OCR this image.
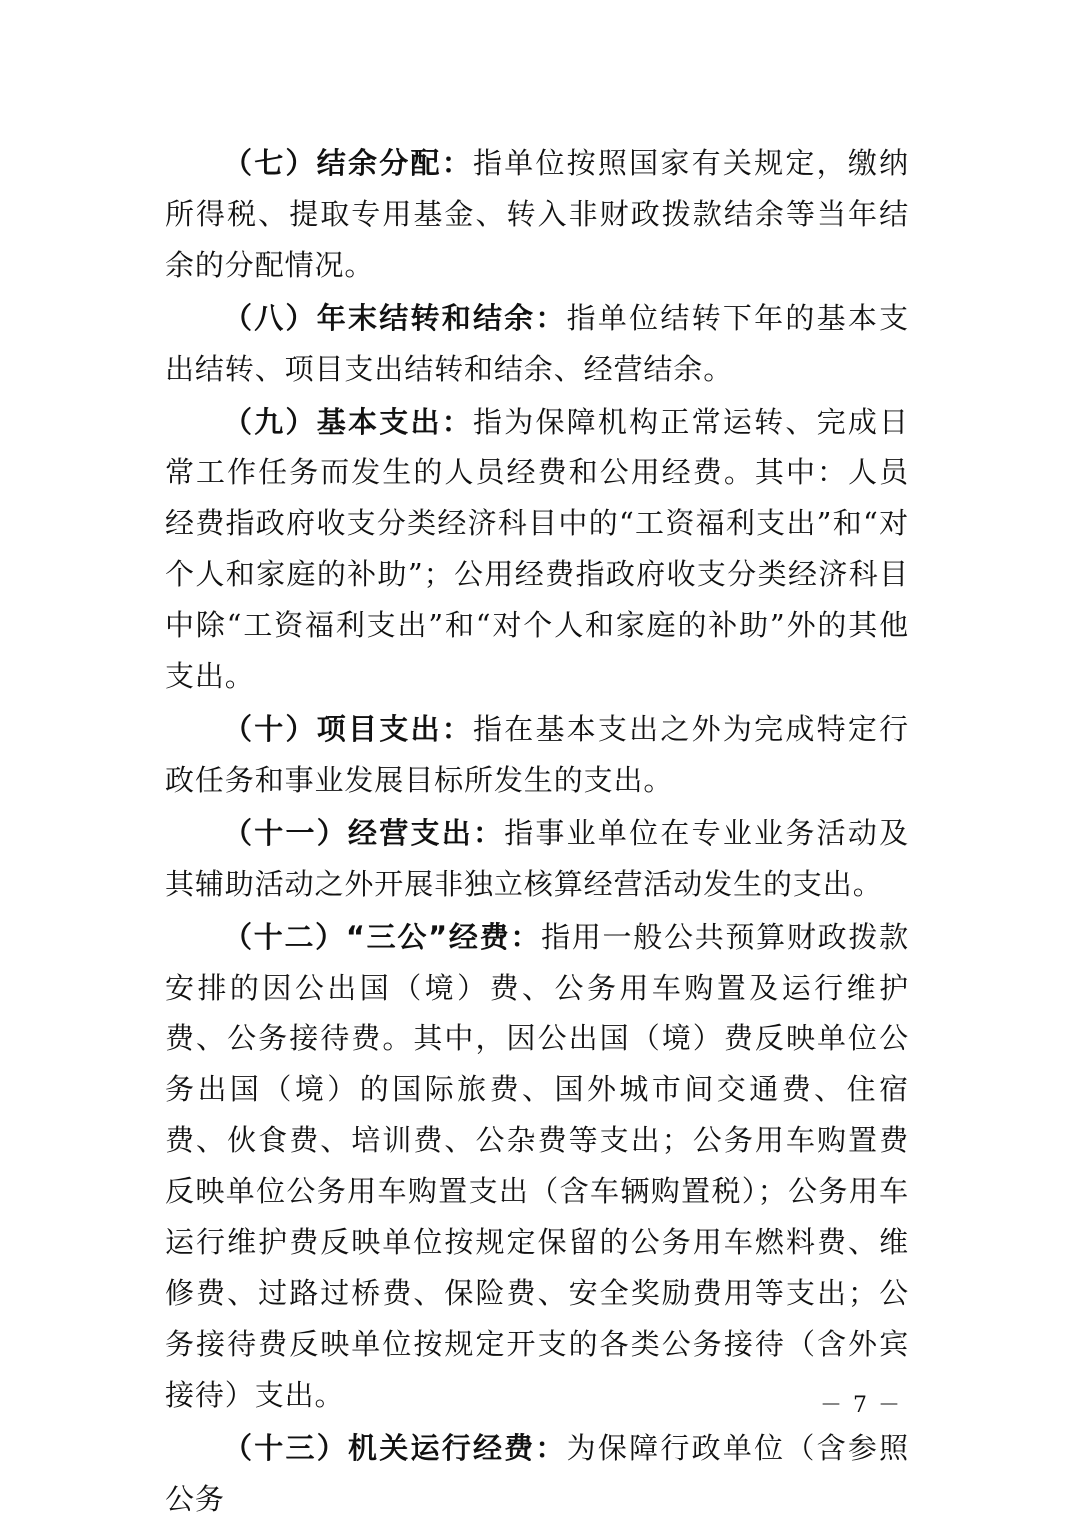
（七）结余分配：指单位按照国家有关规定，缴纳所得税、提取专用基金、转入非财政拨款结余等当年结余的分配情况。

（八）年末结转和结余：指单位结转下年的基本支出结转、项目支出结转和结余、经营结余。

（九）基本支出：指为保障机构正常运转、完成日常工作任务而发生的人员经费和公用经费。其中：人员经费指政府收支分类经济科目中的“工资福利支出”和“对个人和家庭的补助”；公用经费指政府收支分类经济科目中除“工资福利支出”和“对个人和家庭的补助”外的其他支出。

（十）项目支出：指在基本支出之外为完成特定行政任务和事业发展目标所发生的支出。

（十一）经营支出：指事业单位在专业业务活动及其辅助活动之外开展非独立核算经营活动发生的支出。

（十二）“三公”经费：指用一般公共预算财政拨款安排的因公出国（境）费、公务用车购置及运行维护费、公务接待费。其中，因公出国（境）费反映单位公务出国（境）的国际旅费、国外城市间交通费、住宿费、伙食费、培训费、公杂费等支出；公务用车购置费反映单位公务用车购置支出（含车辆购置税）；公务用车运行维护费反映单位按规定保留的公务用车燃料费、维修费、过路过桥费、保险费、安全奖励费用等支出；公务接待费反映单位按规定开支的各类公务接待（含外宾接待）支出。

（十三）机关运行经费：为保障行政单位（含参照公务

－ 7 －
